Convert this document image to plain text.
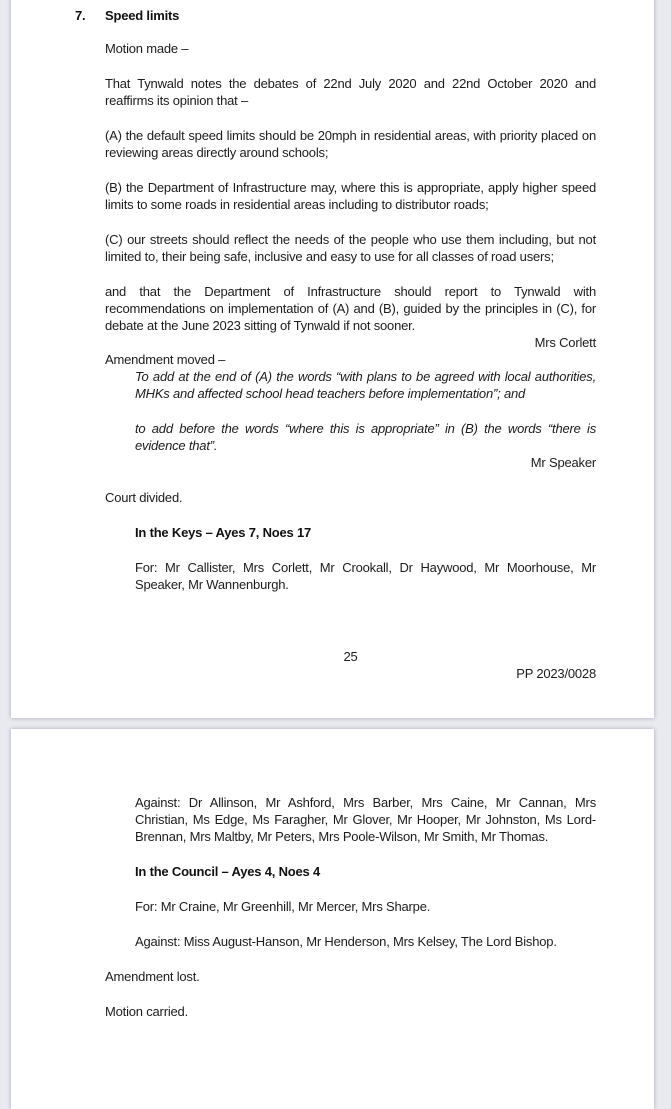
7. Speed limits

Motion made –

That Tynwald notes the debates of 22nd July 2020 and 22nd October 2020 and reaffirms its opinion that –

(A) the default speed limits should be 20mph in residential areas, with priority placed on reviewing areas directly around schools;

(B) the Department of Infrastructure may, where this is appropriate, apply higher speed limits to some roads in residential areas including to distributor roads;

(C) our streets should reflect the needs of the people who use them including, but not limited to, their being safe, inclusive and easy to use for all classes of road users;

and that the Department of Infrastructure should report to Tynwald with recommendations on implementation of (A) and (B), guided by the principles in (C), for debate at the June 2023 sitting of Tynwald if not sooner.

Mrs Corlett

Amendment moved –

To add at the end of (A) the words “with plans to be agreed with local authorities, MHKs and affected school head teachers before implementation”; and

to add before the words “where this is appropriate” in (B) the words “there is evidence that”.

Mr Speaker

Court divided.

In the Keys – Ayes 7, Noes 17

For: Mr Callister, Mrs Corlett, Mr Crookall, Dr Haywood, Mr Moorhouse, Mr Speaker, Mr Wannenburgh.

25

PP 2023/0028

Against: Dr Allinson, Mr Ashford, Mrs Barber, Mrs Caine, Mr Cannan, Mrs Christian, Ms Edge, Ms Faragher, Mr Glover, Mr Hooper, Mr Johnston, Ms Lord-Brennan, Mrs Maltby, Mr Peters, Mrs Poole-Wilson, Mr Smith, Mr Thomas.

In the Council – Ayes 4, Noes 4

For: Mr Craine, Mr Greenhill, Mr Mercer, Mrs Sharpe.

Against: Miss August-Hanson, Mr Henderson, Mrs Kelsey, The Lord Bishop.

Amendment lost.

Motion carried.
